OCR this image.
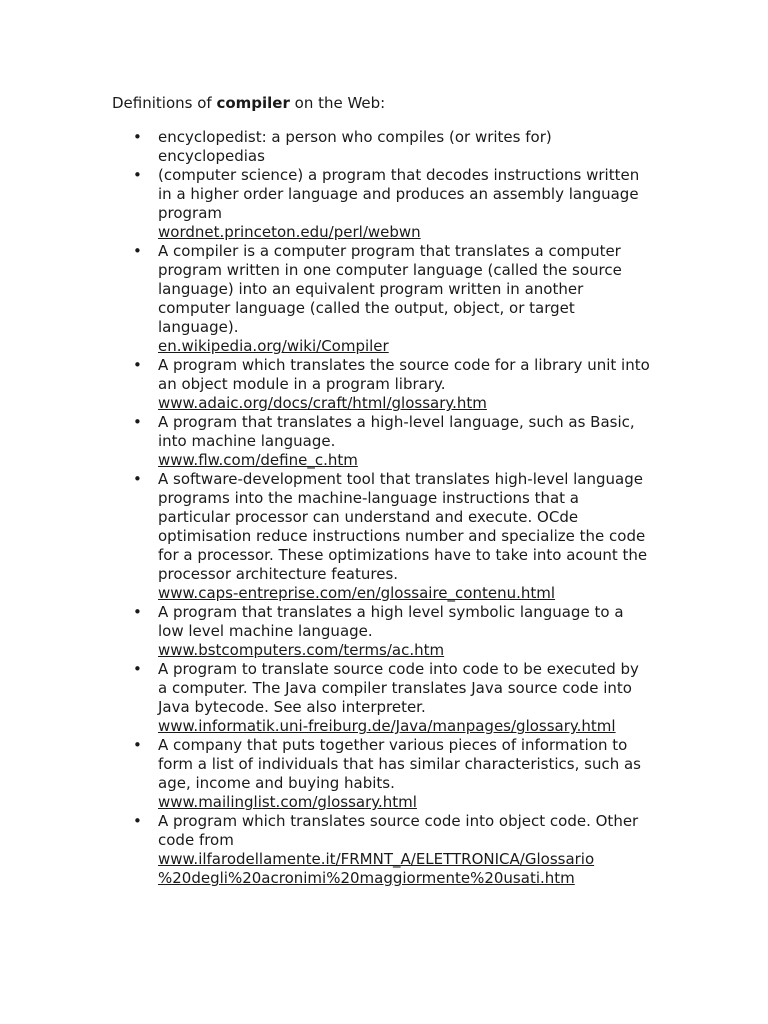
Definitions of compiler on the Web:
• encyclopedist: a person who compiles (or writes for)
encyclopedias
• (computer science) a program that decodes instructions written
in a higher order language and produces an assembly language
program
wordnet.princeton.edu/perl/webwn
• A compiler is a computer program that translates a computer
program written in one computer language (called the source
language) into an equivalent program written in another
computer language (called the output, object, or target
language).
en.wikipedia.org/wiki/Compiler
• A program which translates the source code for a library unit into
an object module in a program library.
www.adaic.org/docs/craft/html/glossary.htm
• A program that translates a high-level language, such as Basic,
into machine language.
www.flw.com/define_c.htm
• A software-development tool that translates high-level language
programs into the machine-language instructions that a
particular processor can understand and execute. OCde
optimisation reduce instructions number and specialize the code
for a processor. These optimizations have to take into acount the
processor architecture features.
www.caps-entreprise.com/en/glossaire_contenu.html
• A program that translates a high level symbolic language to a
low level machine language.
www.bstcomputers.com/terms/ac.htm
• A program to translate source code into code to be executed by
a computer. The Java compiler translates Java source code into
Java bytecode. See also interpreter.
www.informatik.uni-freiburg.de/Java/manpages/glossary.html
• A company that puts together various pieces of information to
form a list of individuals that has similar characteristics, such as
age, income and buying habits.
www.mailinglist.com/glossary.html
• A program which translates source code into object code. Other
code from
www.ilfarodellamente.it/FRMNT_A/ELETTRONICA/Glossario
%20degli%20acronimi%20maggiormente%20usati.htm
